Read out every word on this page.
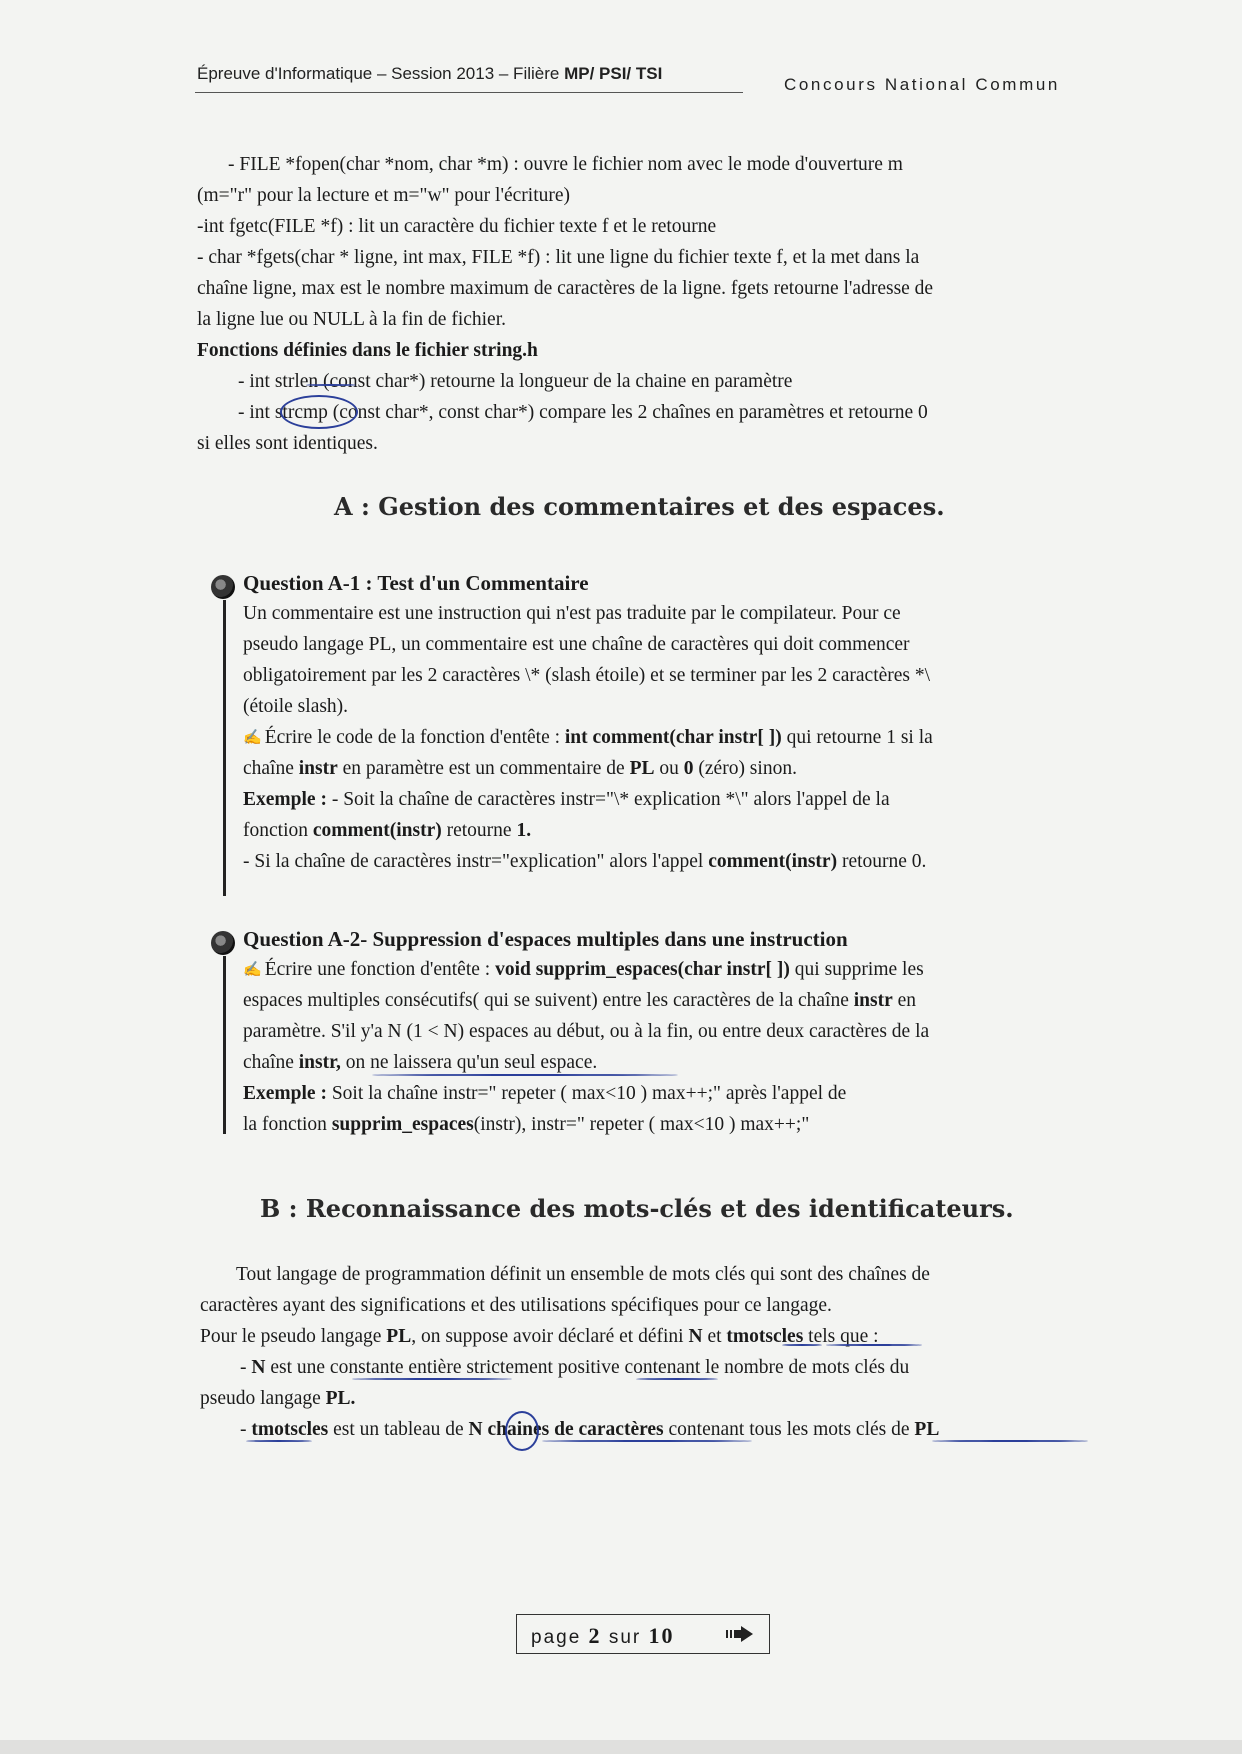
Épreuve d'Informatique – Session 2013 – Filière MP/ PSI/ TSI
Concours National Commun
- FILE *fopen(char *nom, char *m) : ouvre le fichier nom avec le mode d'ouverture m
(m="r" pour la lecture et m="w" pour l'écriture)
-int fgetc(FILE *f) : lit un caractère du fichier texte f et le retourne
- char *fgets(char * ligne, int max, FILE *f) : lit une ligne du fichier texte f, et la met dans la
chaîne ligne, max est le nombre maximum de caractères de la ligne. fgets retourne l'adresse de
la ligne lue ou NULL à la fin de fichier.
Fonctions définies dans le fichier string.h
- int strlen (const char*) retourne la longueur de la chaine en paramètre
- int strcmp (const char*, const char*) compare les 2 chaînes en paramètres et retourne 0
si elles sont identiques.
A : Gestion des commentaires et des espaces.
Question A-1 : Test d'un Commentaire
Un commentaire est une instruction qui n'est pas traduite par le compilateur. Pour ce
pseudo langage PL, un commentaire est une chaîne de caractères qui doit commencer
obligatoirement par les 2 caractères \* (slash étoile) et se terminer par les 2 caractères *\
(étoile slash).
✍ Écrire le code de la fonction d'entête : int comment(char instr[ ]) qui retourne 1 si la
chaîne instr en paramètre est un commentaire de PL ou 0 (zéro) sinon.
Exemple : - Soit la chaîne de caractères instr="\* explication *\" alors l'appel de la
fonction comment(instr) retourne 1.
- Si la chaîne de caractères instr="explication" alors l'appel comment(instr) retourne 0.
Question A-2- Suppression d'espaces multiples dans une instruction
✍ Écrire une fonction d'entête : void supprim_espaces(char instr[ ]) qui supprime les
espaces multiples consécutifs( qui se suivent) entre les caractères de la chaîne instr en
paramètre. S'il y'a N (1 < N) espaces au début, ou à la fin, ou entre deux caractères de la
chaîne instr, on ne laissera qu'un seul espace.
Exemple : Soit la chaîne instr=" repeter ( max<10 ) max++;" après l'appel de
la fonction supprim_espaces(instr), instr=" repeter ( max<10 ) max++;"
B : Reconnaissance des mots-clés et des identificateurs.
Tout langage de programmation définit un ensemble de mots clés qui sont des chaînes de
caractères ayant des significations et des utilisations spécifiques pour ce langage.
Pour le pseudo langage PL, on suppose avoir déclaré et défini N et tmotscles tels que :
- N est une constante entière strictement positive contenant le nombre de mots clés du
pseudo langage PL.
- tmotscles est un tableau de N chaines de caractères contenant tous les mots clés de PL
page 2 sur 10
